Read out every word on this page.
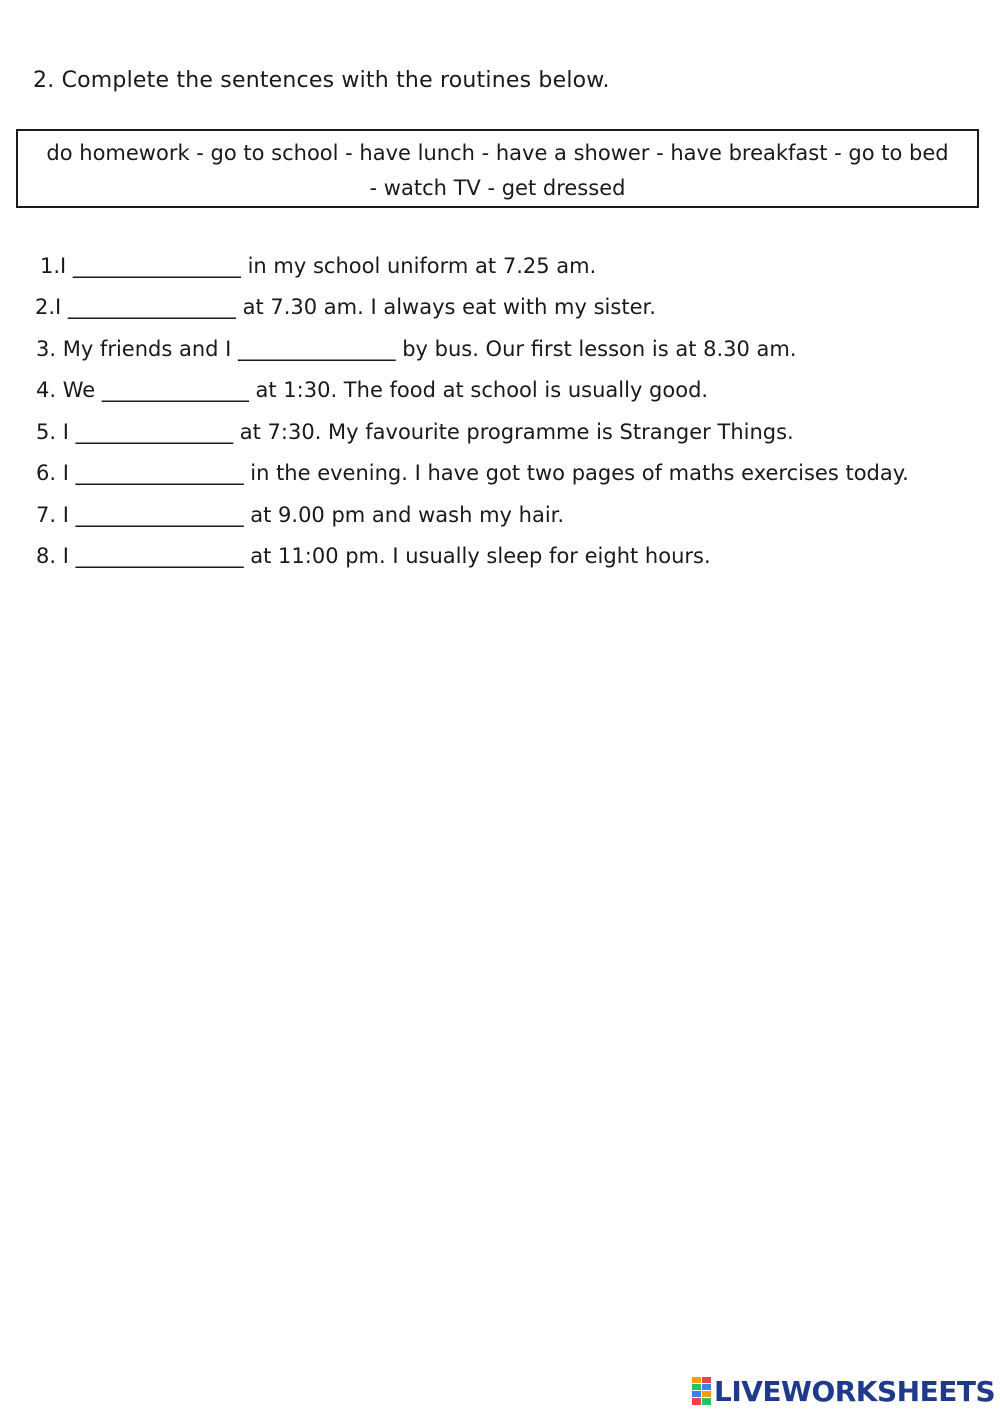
2. Complete the sentences with the routines below.
do homework - go to school - have lunch - have a shower - have breakfast - go to bed
- watch TV - get dressed
1.I ________________ in my school uniform at 7.25 am.
2.I ________________ at 7.30 am. I always eat with my sister.
3. My friends and I _______________ by bus. Our first lesson is at 8.30 am.
4. We ______________ at 1:30. The food at school is usually good.
5. I _______________ at 7:30. My favourite programme is Stranger Things.
6. I ________________ in the evening. I have got two pages of maths exercises today.
7. I ________________ at 9.00 pm and wash my hair.
8. I ________________ at 11:00 pm. I usually sleep for eight hours.
LIVEWORKSHEETS
